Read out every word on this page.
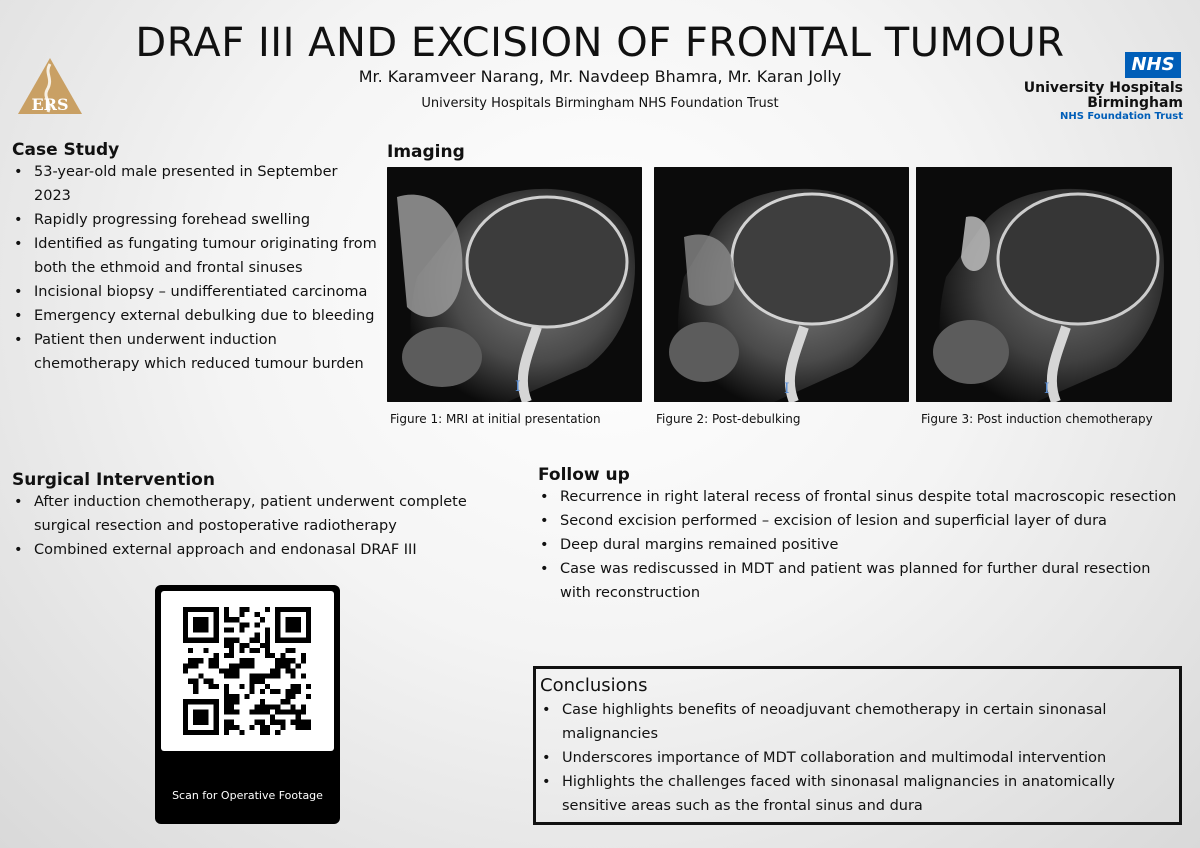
DRAF III AND EXCISION OF FRONTAL TUMOUR
Mr. Karamveer Narang, Mr. Navdeep Bhamra, Mr. Karan Jolly
University Hospitals Birmingham NHS Foundation Trust
ERS
NHS
University Hospitals
Birmingham
NHS Foundation Trust
Case Study
• 53-year-old male presented in September 2023
• Rapidly progressing forehead swelling
• Identified as fungating tumour originating from both the ethmoid and frontal sinuses
• Incisional biopsy – undifferentiated carcinoma
• Emergency external debulking due to bleeding
• Patient then underwent induction chemotherapy which reduced tumour burden
Imaging
I	I	I
Figure 1: MRI at initial presentation	Figure 2: Post-debulking	Figure 3: Post induction chemotherapy
Surgical Intervention
• After induction chemotherapy, patient underwent complete surgical resection and postoperative radiotherapy
• Combined external approach and endonasal DRAF III
Follow up
• Recurrence in right lateral recess of frontal sinus despite total macroscopic resection
• Second excision performed – excision of lesion and superficial layer of dura
• Deep dural margins remained positive
• Case was rediscussed in MDT and patient was planned for further dural resection with reconstruction
Scan for Operative Footage
Conclusions
• Case highlights benefits of neoadjuvant chemotherapy in certain sinonasal malignancies
• Underscores importance of MDT collaboration and multimodal intervention
• Highlights the challenges faced with sinonasal malignancies in anatomically sensitive areas such as the frontal sinus and dura
